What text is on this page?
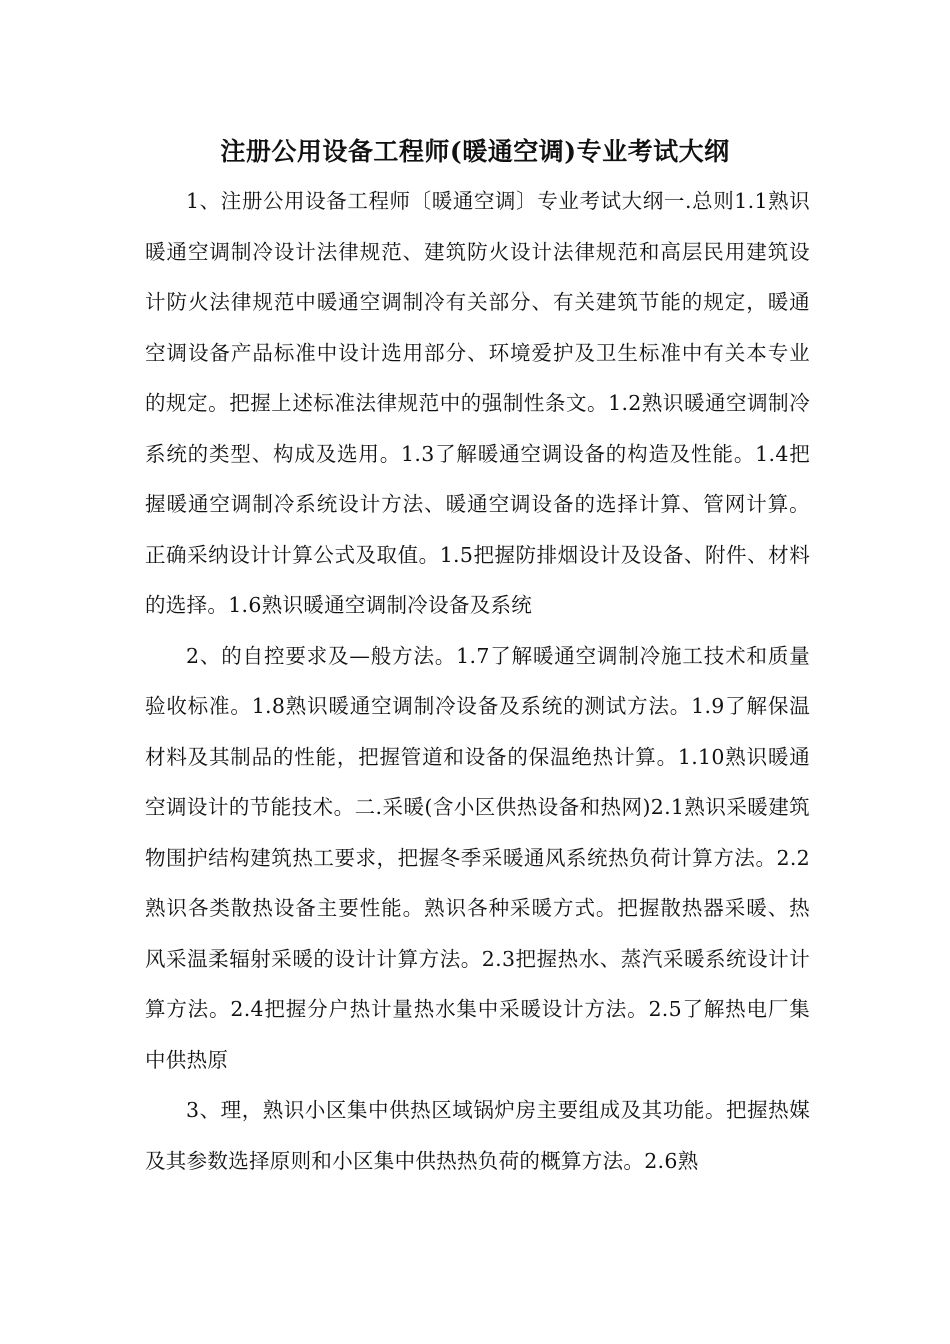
注册公用设备工程师(暖通空调)专业考试大纲

1、注册公用设备工程师〔暖通空调〕专业考试大纲一.总则1.1熟识暖通空调制冷设计法律规范、建筑防火设计法律规范和高层民用建筑设计防火法律规范中暖通空调制冷有关部分、有关建筑节能的规定，暖通空调设备产品标准中设计选用部分、环境爱护及卫生标准中有关本专业的规定。把握上述标准法律规范中的强制性条文。1.2熟识暖通空调制冷系统的类型、构成及选用。1.3了解暖通空调设备的构造及性能。1.4把握暖通空调制冷系统设计方法、暖通空调设备的选择计算、管网计算。正确采纳设计计算公式及取值。1.5把握防排烟设计及设备、附件、材料的选择。1.6熟识暖通空调制冷设备及系统

2、的自控要求及—般方法。1.7了解暖通空调制冷施工技术和质量验收标准。1.8熟识暖通空调制冷设备及系统的测试方法。1.9了解保温材料及其制品的性能，把握管道和设备的保温绝热计算。1.10熟识暖通空调设计的节能技术。二.采暖(含小区供热设备和热网)2.1熟识采暖建筑物围护结构建筑热工要求，把握冬季采暖通风系统热负荷计算方法。2.2熟识各类散热设备主要性能。熟识各种采暖方式。把握散热器采暖、热风采温柔辐射采暖的设计计算方法。2.3把握热水、蒸汽采暖系统设计计算方法。2.4把握分户热计量热水集中采暖设计方法。2.5了解热电厂集中供热原

3、理，熟识小区集中供热区域锅炉房主要组成及其功能。把握热媒及其参数选择原则和小区集中供热热负荷的概算方法。2.6熟
